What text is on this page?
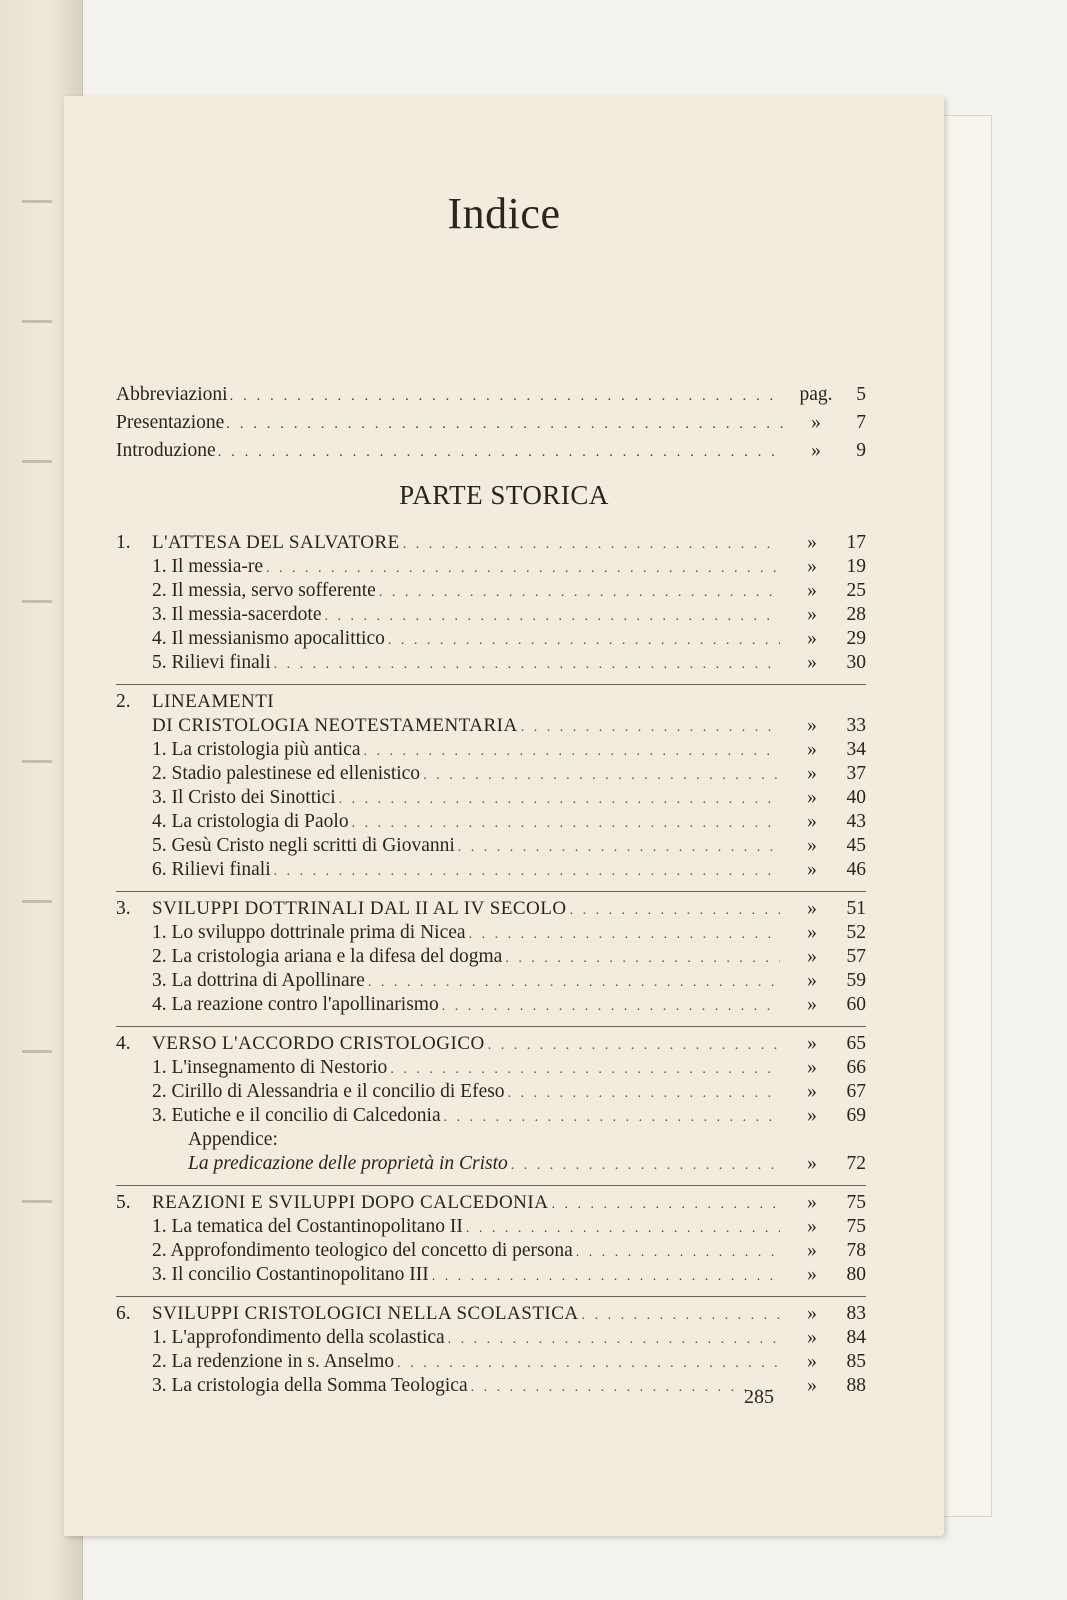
Indice
Abbreviazioni . . .	pag.	5
Presentazione . . .	»	7
Introduzione . . .	»	9
PARTE STORICA
1.	L'ATTESA DEL SALVATORE . . .	»	17
1. Il messia-re . . .	»	19
2. Il messia, servo sofferente . . .	»	25
3. Il messia-sacerdote . . .	»	28
4. Il messianismo apocalittico . . .	»	29
5. Rilievi finali . . .	»	30
2.	LINEAMENTI
DI CRISTOLOGIA NEOTESTAMENTARIA . . .	»	33
1. La cristologia più antica . . .	»	34
2. Stadio palestinese ed ellenistico . . .	»	37
3. Il Cristo dei Sinottici . . .	»	40
4. La cristologia di Paolo . . .	»	43
5. Gesù Cristo negli scritti di Giovanni . . .	»	45
6. Rilievi finali . . .	»	46
3.	SVILUPPI DOTTRINALI DAL II AL IV SECOLO . . .	»	51
1. Lo sviluppo dottrinale prima di Nicea . . .	»	52
2. La cristologia ariana e la difesa del dogma . . .	»	57
3. La dottrina di Apollinare . . .	»	59
4. La reazione contro l'apollinarismo . . .	»	60
4.	VERSO L'ACCORDO CRISTOLOGICO . . .	»	65
1. L'insegnamento di Nestorio . . .	»	66
2. Cirillo di Alessandria e il concilio di Efeso . . .	»	67
3. Eutiche e il concilio di Calcedonia . . .	»	69
Appendice:
La predicazione delle proprietà in Cristo . . .	»	72
5.	REAZIONI E SVILUPPI DOPO CALCEDONIA . . .	»	75
1. La tematica del Costantinopolitano II . . .	»	75
2. Approfondimento teologico del concetto di persona . . .	»	78
3. Il concilio Costantinopolitano III . . .	»	80
6.	SVILUPPI CRISTOLOGICI NELLA SCOLASTICA . . .	»	83
1. L'approfondimento della scolastica . . .	»	84
2. La redenzione in s. Anselmo . . .	»	85
3. La cristologia della Somma Teologica . . .	»	88
285
